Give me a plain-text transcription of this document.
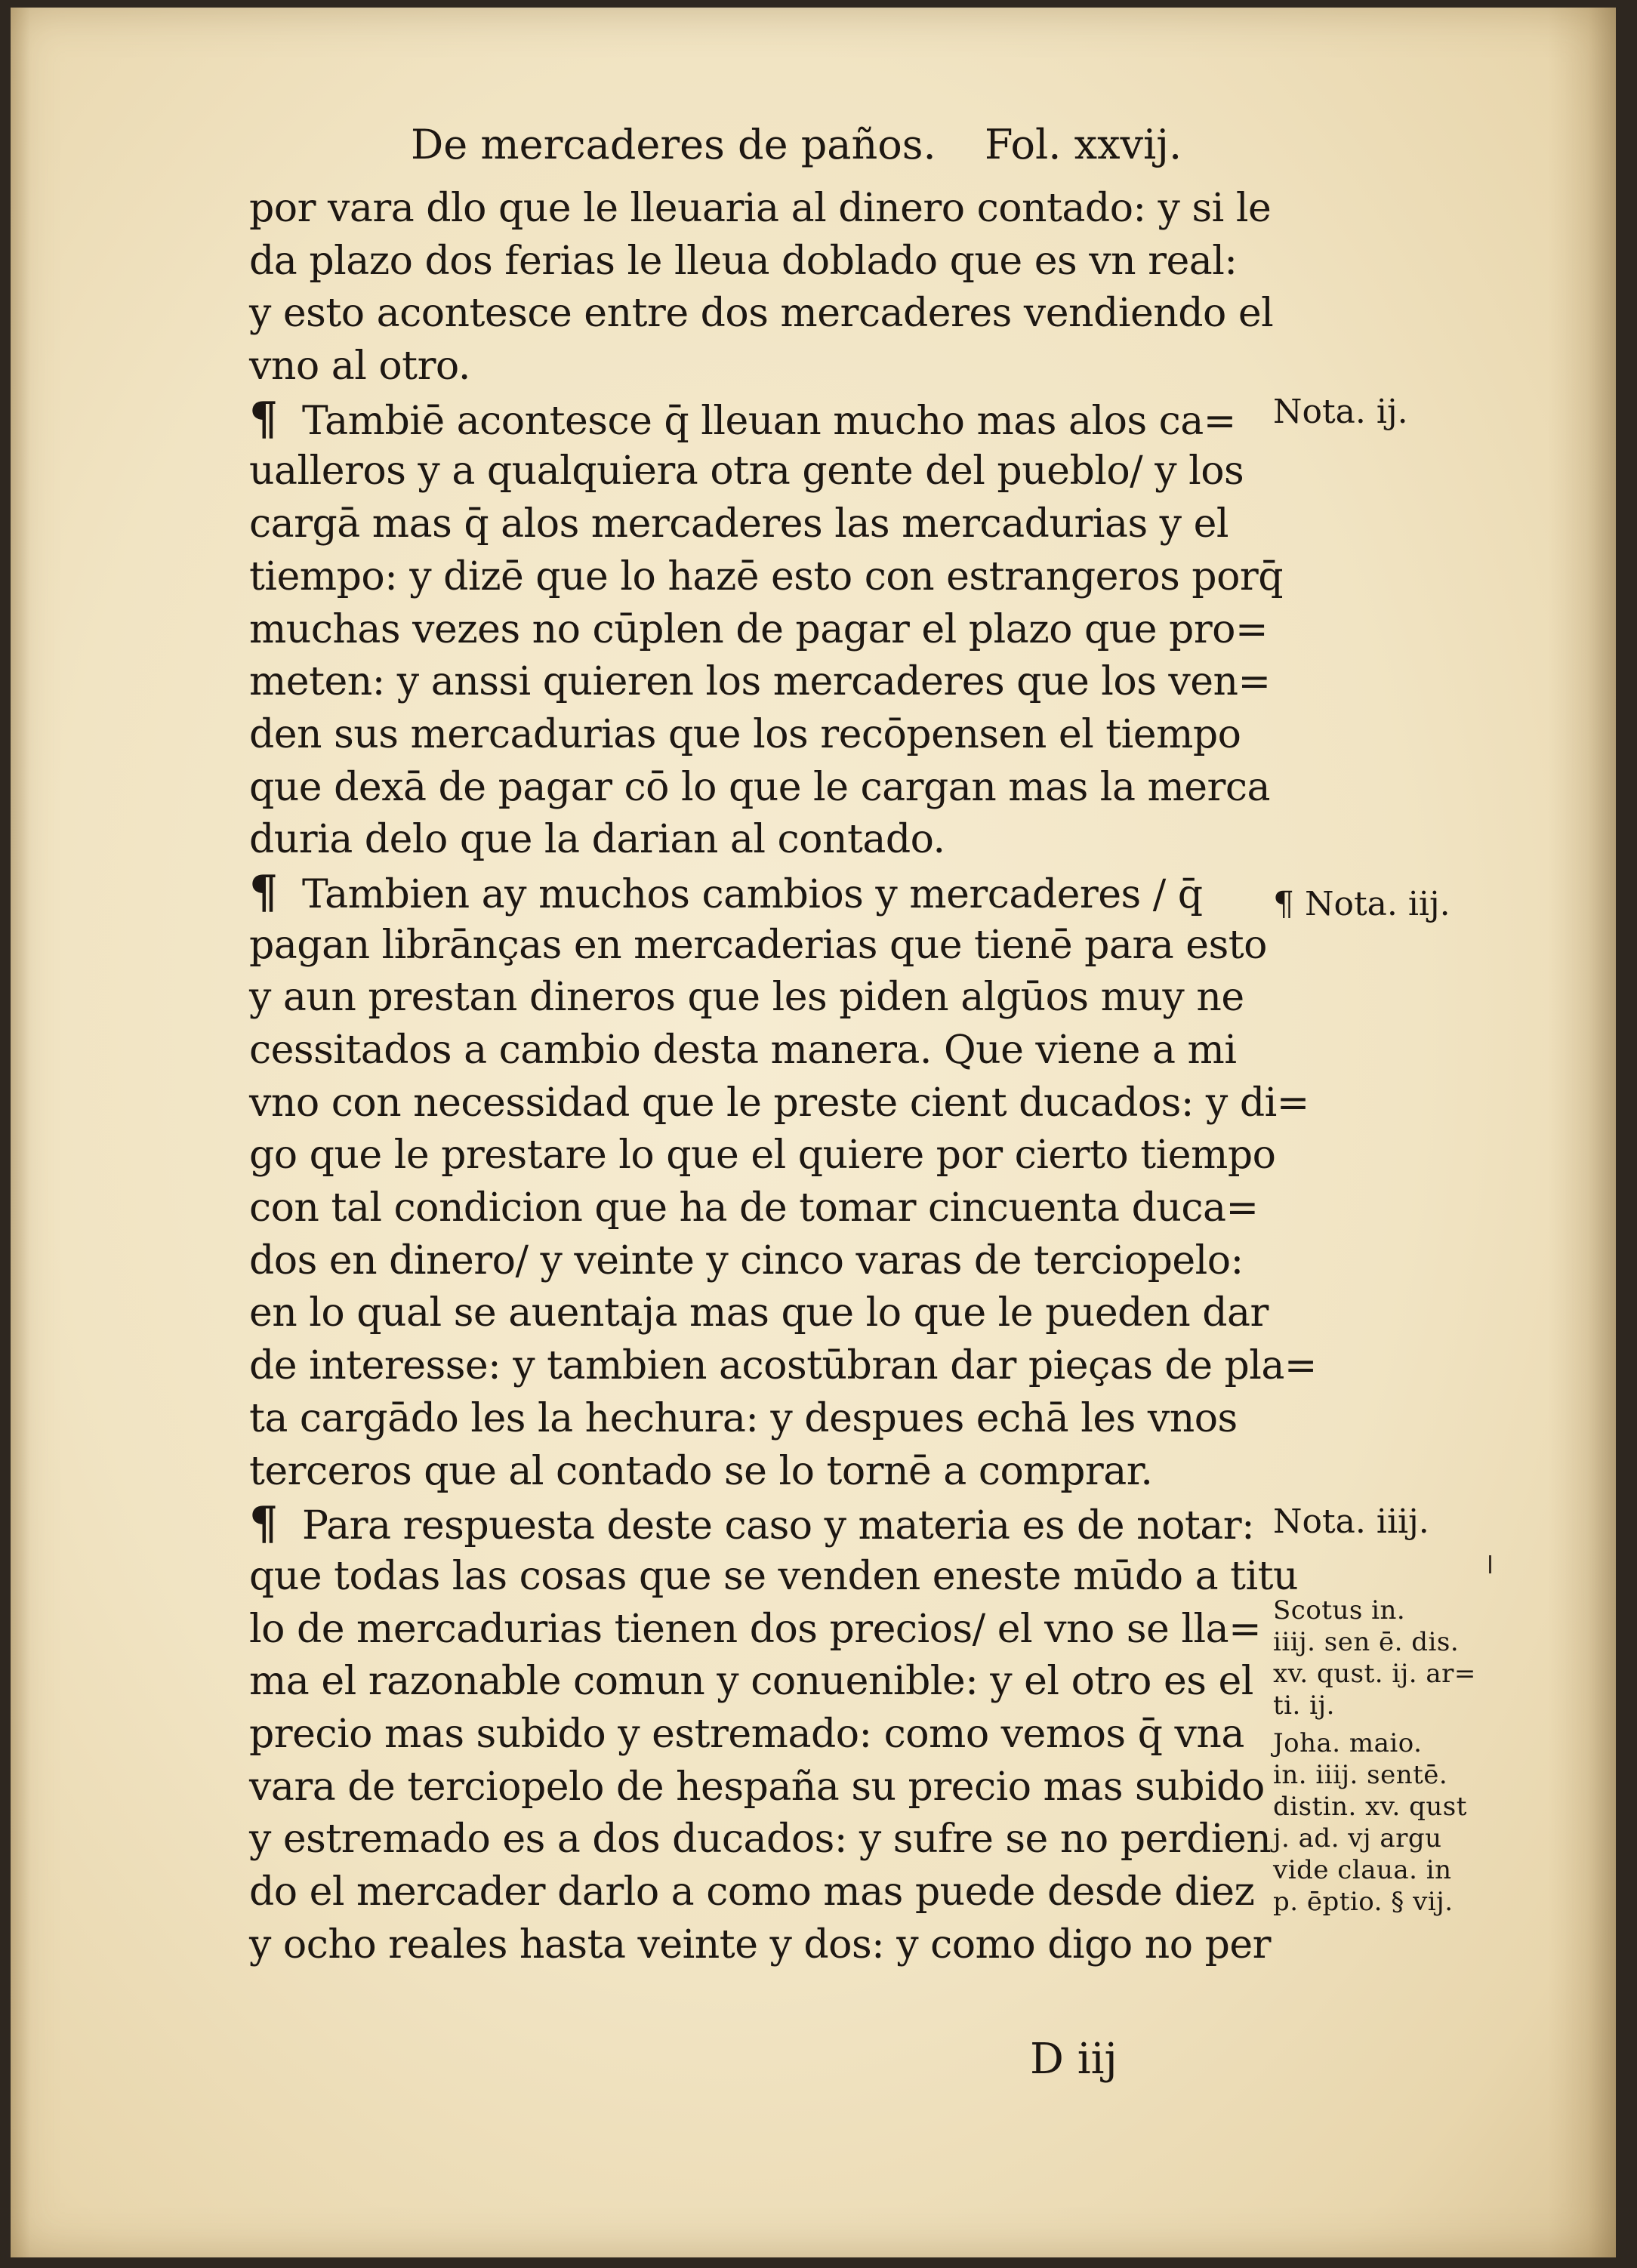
De mercaderes de paños. Fol. xxvij.
por vara dlo que le lleuaria al dinero contado: y si le
da plazo dos ferias le lleua doblado que es vn real:
y esto acontesce entre dos mercaderes vendiendo el
vno al otro.
¶ Tambiē acontesce q̄ lleuan mucho mas alos ca=
ualleros y a qualquiera otra gente del pueblo/ y los
cargā mas q̄ alos mercaderes las mercadurias y el
tiempo: y dizē que lo hazē esto con estrangeros porq̄
muchas vezes no cūplen de pagar el plazo que pro=
meten: y anssi quieren los mercaderes que los ven=
den sus mercadurias que los recōpensen el tiempo
que dexā de pagar cō lo que le cargan mas la merca
duria delo que la darian al contado.
¶ Tambien ay muchos cambios y mercaderes / q̄
pagan librānças en mercaderias que tienē para esto
y aun prestan dineros que les piden algūos muy ne
cessitados a cambio desta manera. Que viene a mi
vno con necessidad que le preste cient ducados: y di=
go que le prestare lo que el quiere por cierto tiempo
con tal condicion que ha de tomar cincuenta duca=
dos en dinero/ y veinte y cinco varas de terciopelo:
en lo qual se auentaja mas que lo que le pueden dar
de interesse: y tambien acostūbran dar pieças de pla=
ta cargādo les la hechura: y despues echā les vnos
terceros que al contado se lo tornē a comprar.
¶ Para respuesta deste caso y materia es de notar:
que todas las cosas que se venden eneste mūdo a titu
lo de mercadurias tienen dos precios/ el vno se lla=
ma el razonable comun y conuenible: y el otro es el
precio mas subido y estremado: como vemos q̄ vna
vara de terciopelo de hespaña su precio mas subido
y estremado es a dos ducados: y sufre se no perdien
do el mercader darlo a como mas puede desde diez
y ocho reales hasta veinte y dos: y como digo no per
Nota. ij.
¶ Nota. iij.
Nota. iiij.
Scotus in.
iiij. sen ē. dis.
xv. qust. ij. ar=
ti. ij.
Joha. maio.
in. iiij. sentē.
distin. xv. qust
j. ad. vj argu
vide claua. in
p. ēptio. § vij.
D iij
